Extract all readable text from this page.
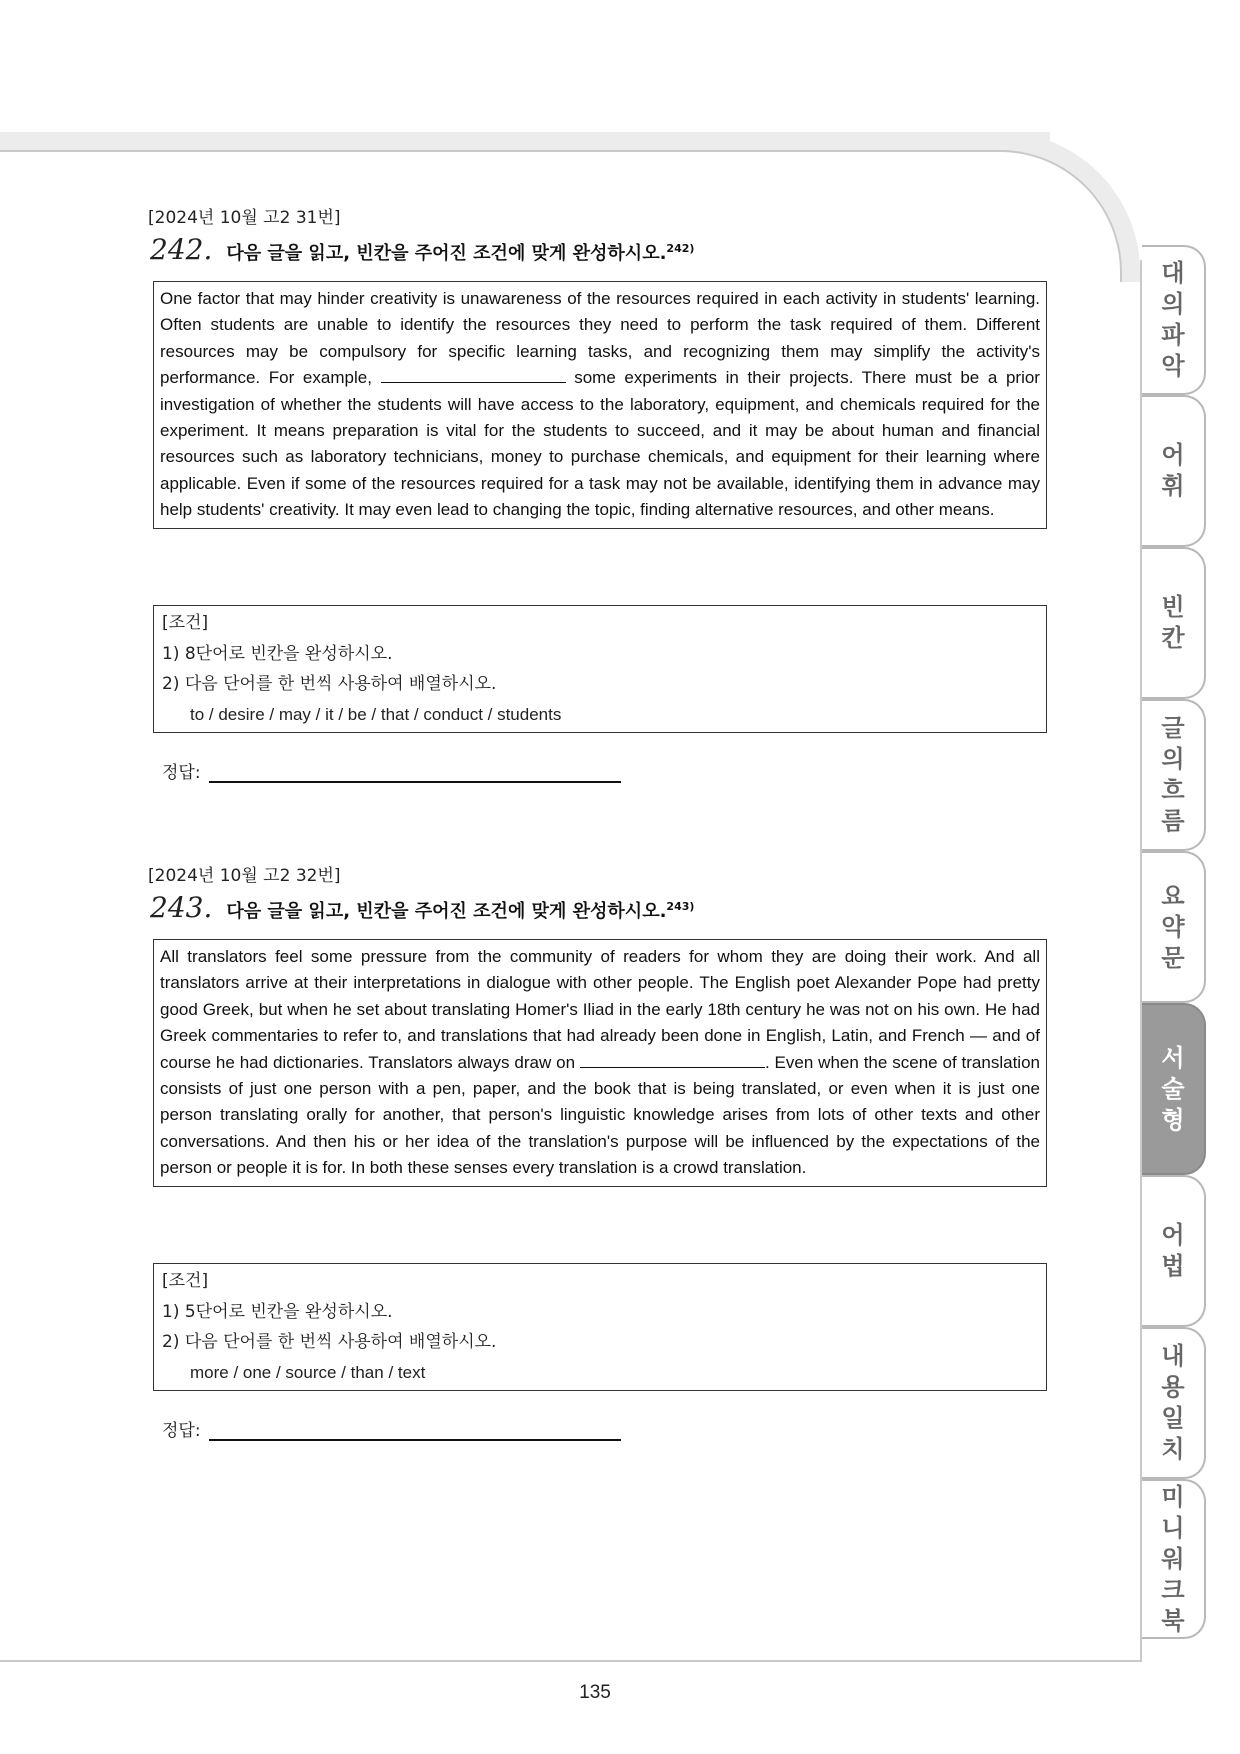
대
의
파
악
어
휘
빈
칸
글
의
흐
름
요
약
문
서
술
형
어
법
내
용
일
치
미
니
워
크
북
[2024년 10월 고2 31번]
242. 다음 글을 읽고, 빈칸을 주어진 조건에 맞게 완성하시오.$^{242)}$
One factor that may hinder creativity is unawareness of the resources required in each activity in students' learning. Often students are unable to identify the resources they need to perform the task required of them. Different resources may be compulsory for specific learning tasks, and recognizing them may simplify the activity's performance. For example,	some experiments in their projects. There must be a prior investigation of whether the students will have access to the laboratory, equipment, and chemicals required for the experiment. It means preparation is vital for the students to succeed, and it may be about human and financial resources such as laboratory technicians, money to purchase chemicals, and equipment for their learning where applicable. Even if some of the resources required for a task may not be available, identifying them in advance may help students' creativity. It may even lead to changing the topic, finding alternative resources, and other means.
[조건]
1) 8단어로 빈칸을 완성하시오.
2) 다음 단어를 한 번씩 사용하여 배열하시오.
to / desire / may / it / be / that / conduct / students
정답:
[2024년 10월 고2 32번]
243. 다음 글을 읽고, 빈칸을 주어진 조건에 맞게 완성하시오.$^{243)}$
All translators feel some pressure from the community of readers for whom they are doing their work. And all translators arrive at their interpretations in dialogue with other people. The English poet Alexander Pope had pretty good Greek, but when he set about translating Homer's Iliad in the early 18th century he was not on his own. He had Greek commentaries to refer to, and translations that had already been done in English, Latin, and French — and of course he had dictionaries. Translators always draw on	. Even when the scene of translation consists of just one person with a pen, paper, and the book that is being translated, or even when it is just one person translating orally for another, that person's linguistic knowledge arises from lots of other texts and other conversations. And then his or her idea of the translation's purpose will be influenced by the expectations of the person or people it is for. In both these senses every translation is a crowd translation.
[조건]
1) 5단어로 빈칸을 완성하시오.
2) 다음 단어를 한 번씩 사용하여 배열하시오.
more / one / source / than / text
정답:
135
